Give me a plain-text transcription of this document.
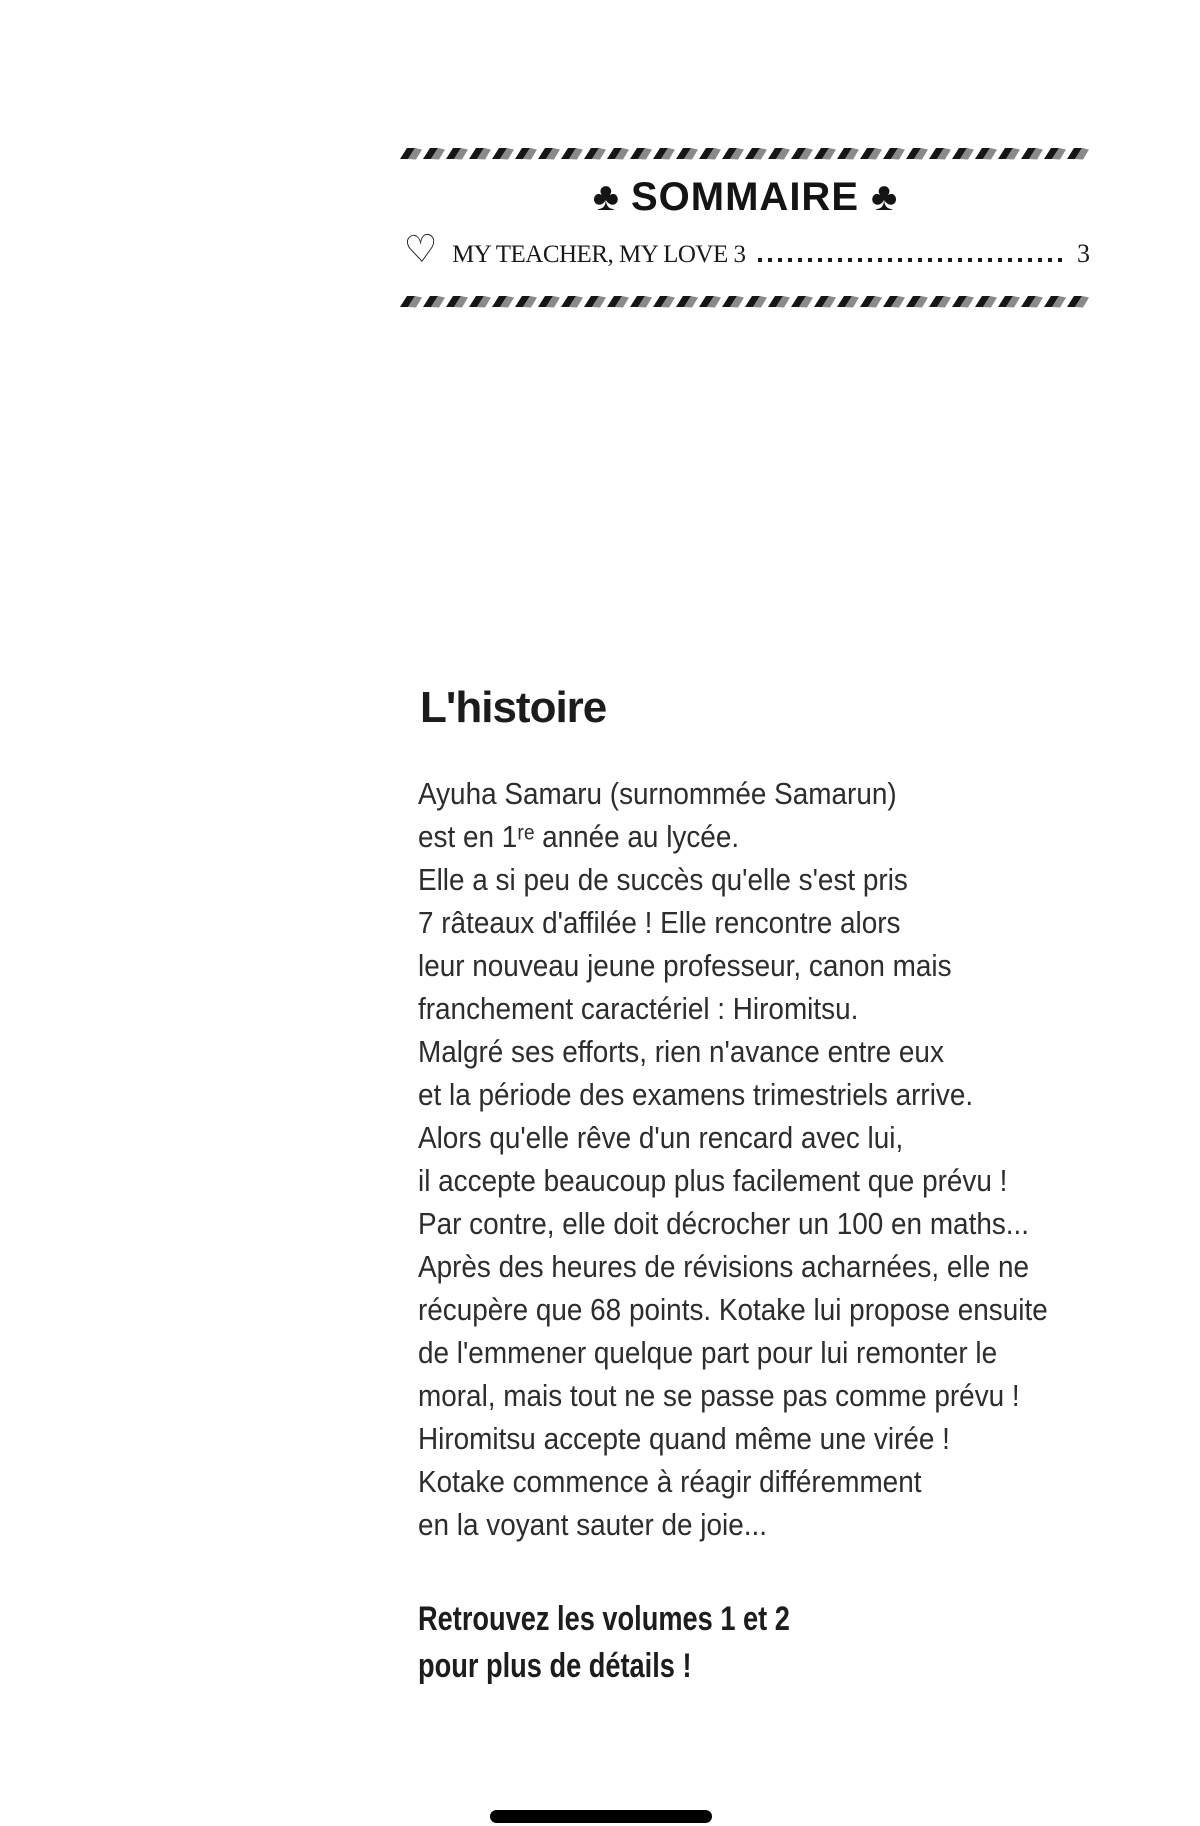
♣ SOMMAIRE ♣
♡ MY TEACHER, MY LOVE 3	3
L'histoire
Ayuha Samaru (surnommée Samarun)
est en 1ʳᵉ année au lycée.
Elle a si peu de succès qu'elle s'est pris
7 râteaux d'affilée ! Elle rencontre alors
leur nouveau jeune professeur, canon mais
franchement caractériel : Hiromitsu.
Malgré ses efforts, rien n'avance entre eux
et la période des examens trimestriels arrive.
Alors qu'elle rêve d'un rencard avec lui,
il accepte beaucoup plus facilement que prévu !
Par contre, elle doit décrocher un 100 en maths...
Après des heures de révisions acharnées, elle ne
récupère que 68 points. Kotake lui propose ensuite
de l'emmener quelque part pour lui remonter le
moral, mais tout ne se passe pas comme prévu !
Hiromitsu accepte quand même une virée !
Kotake commence à réagir différemment
en la voyant sauter de joie...
Retrouvez les volumes 1 et 2
pour plus de détails !
